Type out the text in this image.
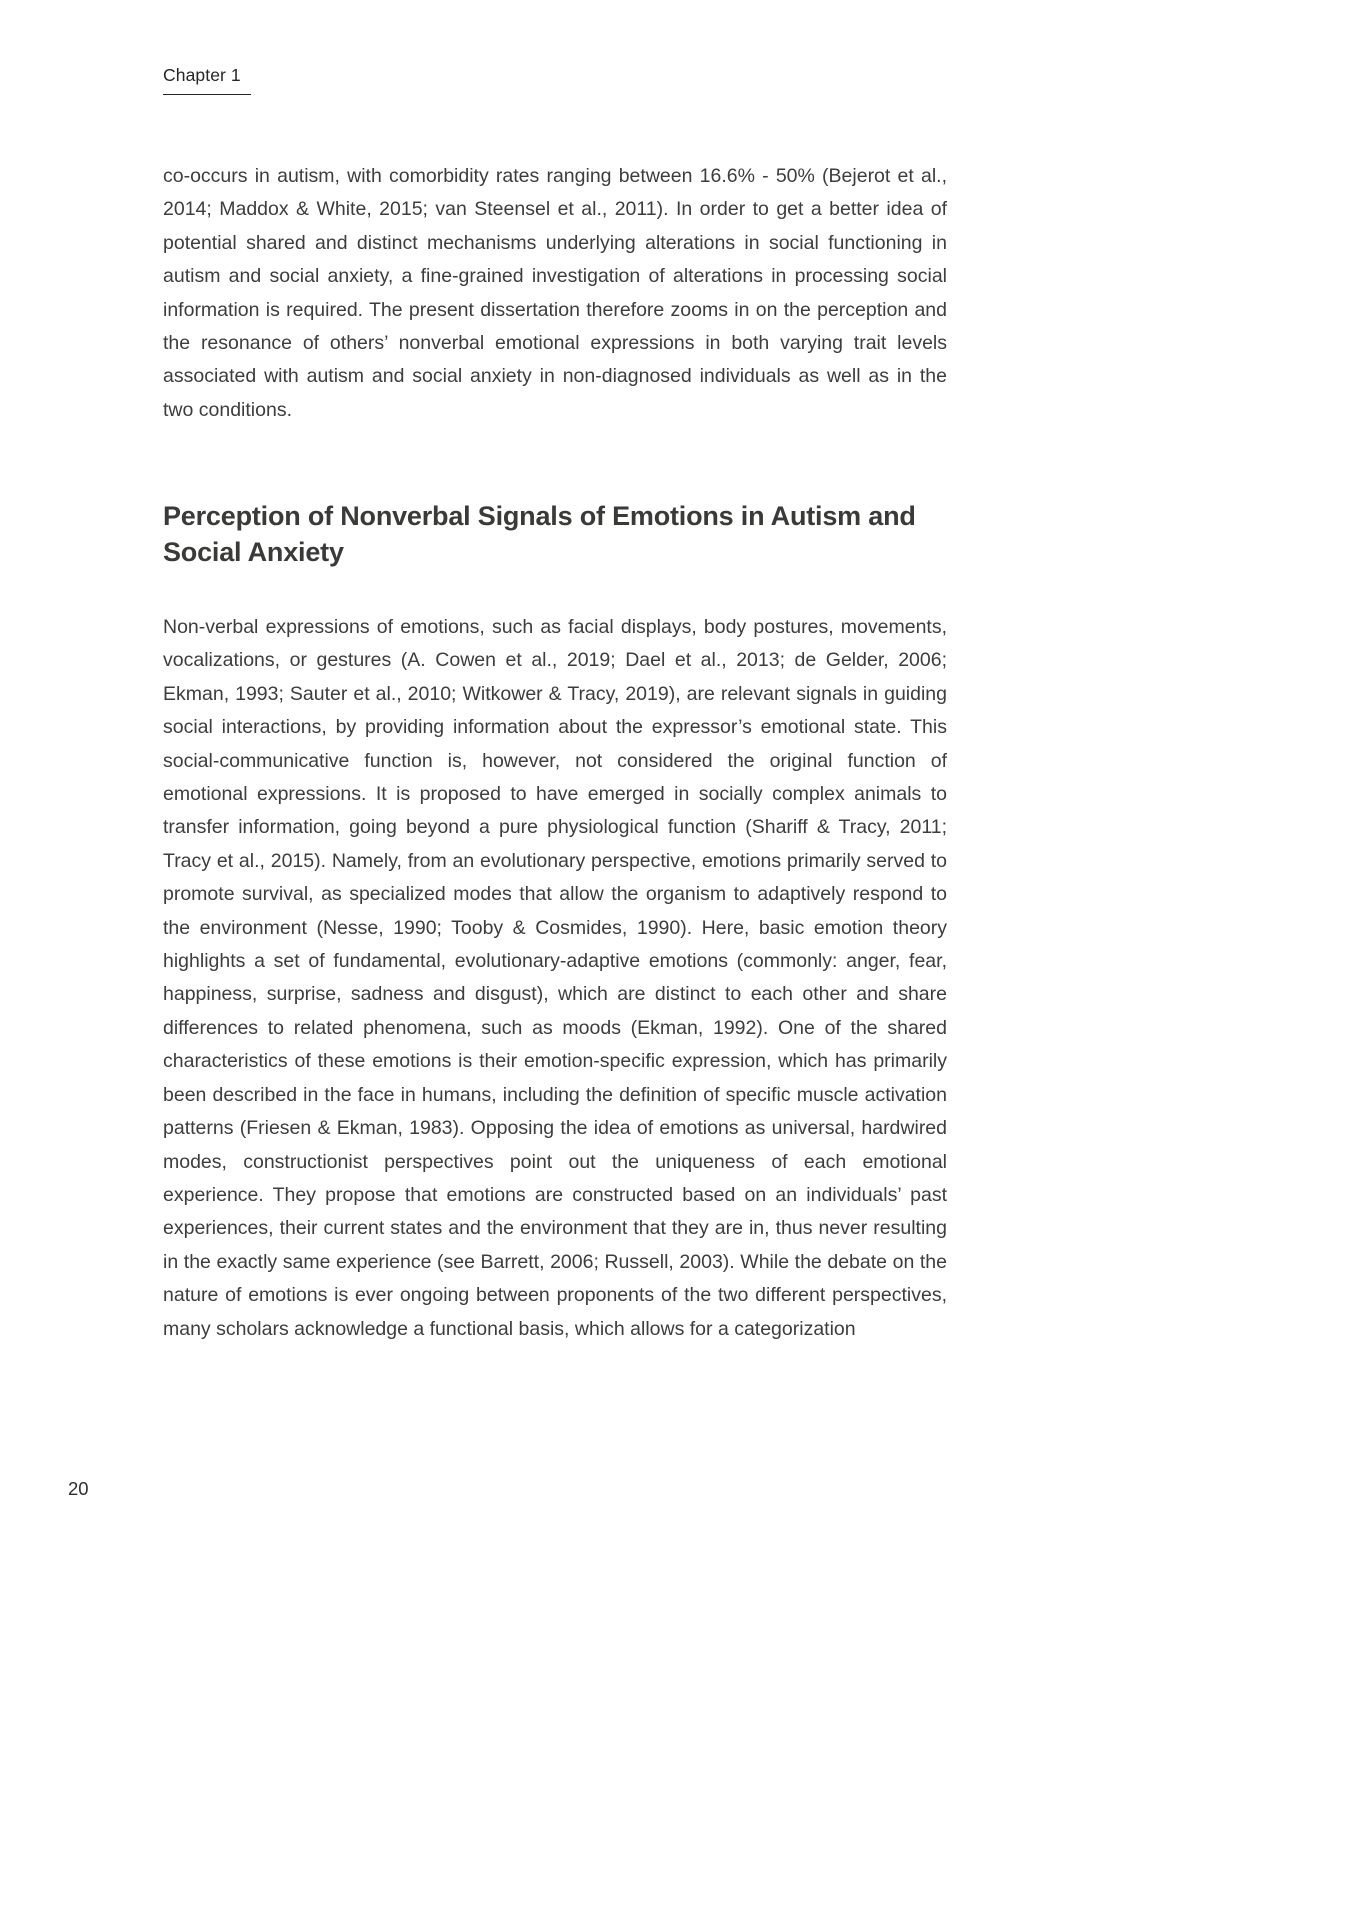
Chapter 1

co-occurs in autism, with comorbidity rates ranging between 16.6% - 50% (Bejerot et al., 2014; Maddox & White, 2015; van Steensel et al., 2011). In order to get a better idea of potential shared and distinct mechanisms underlying alterations in social functioning in autism and social anxiety, a fine-grained investigation of alterations in processing social information is required. The present dissertation therefore zooms in on the perception and the resonance of others’ nonverbal emotional expressions in both varying trait levels associated with autism and social anxiety in non-diagnosed individuals as well as in the two conditions.

Perception of Nonverbal Signals of Emotions in Autism and Social Anxiety

Non-verbal expressions of emotions, such as facial displays, body postures, movements, vocalizations, or gestures (A. Cowen et al., 2019; Dael et al., 2013; de Gelder, 2006; Ekman, 1993; Sauter et al., 2010; Witkower & Tracy, 2019), are relevant signals in guiding social interactions, by providing information about the expressor’s emotional state. This social-communicative function is, however, not considered the original function of emotional expressions. It is proposed to have emerged in socially complex animals to transfer information, going beyond a pure physiological function (Shariff & Tracy, 2011; Tracy et al., 2015). Namely, from an evolutionary perspective, emotions primarily served to promote survival, as specialized modes that allow the organism to adaptively respond to the environment (Nesse, 1990; Tooby & Cosmides, 1990). Here, basic emotion theory highlights a set of fundamental, evolutionary-adaptive emotions (commonly: anger, fear, happiness, surprise, sadness and disgust), which are distinct to each other and share differences to related phenomena, such as moods (Ekman, 1992). One of the shared characteristics of these emotions is their emotion-specific expression, which has primarily been described in the face in humans, including the definition of specific muscle activation patterns (Friesen & Ekman, 1983). Opposing the idea of emotions as universal, hardwired modes, constructionist perspectives point out the uniqueness of each emotional experience. They propose that emotions are constructed based on an individuals’ past experiences, their current states and the environment that they are in, thus never resulting in the exactly same experience (see Barrett, 2006; Russell, 2003). While the debate on the nature of emotions is ever ongoing between proponents of the two different perspectives, many scholars acknowledge a functional basis, which allows for a categorization

20
